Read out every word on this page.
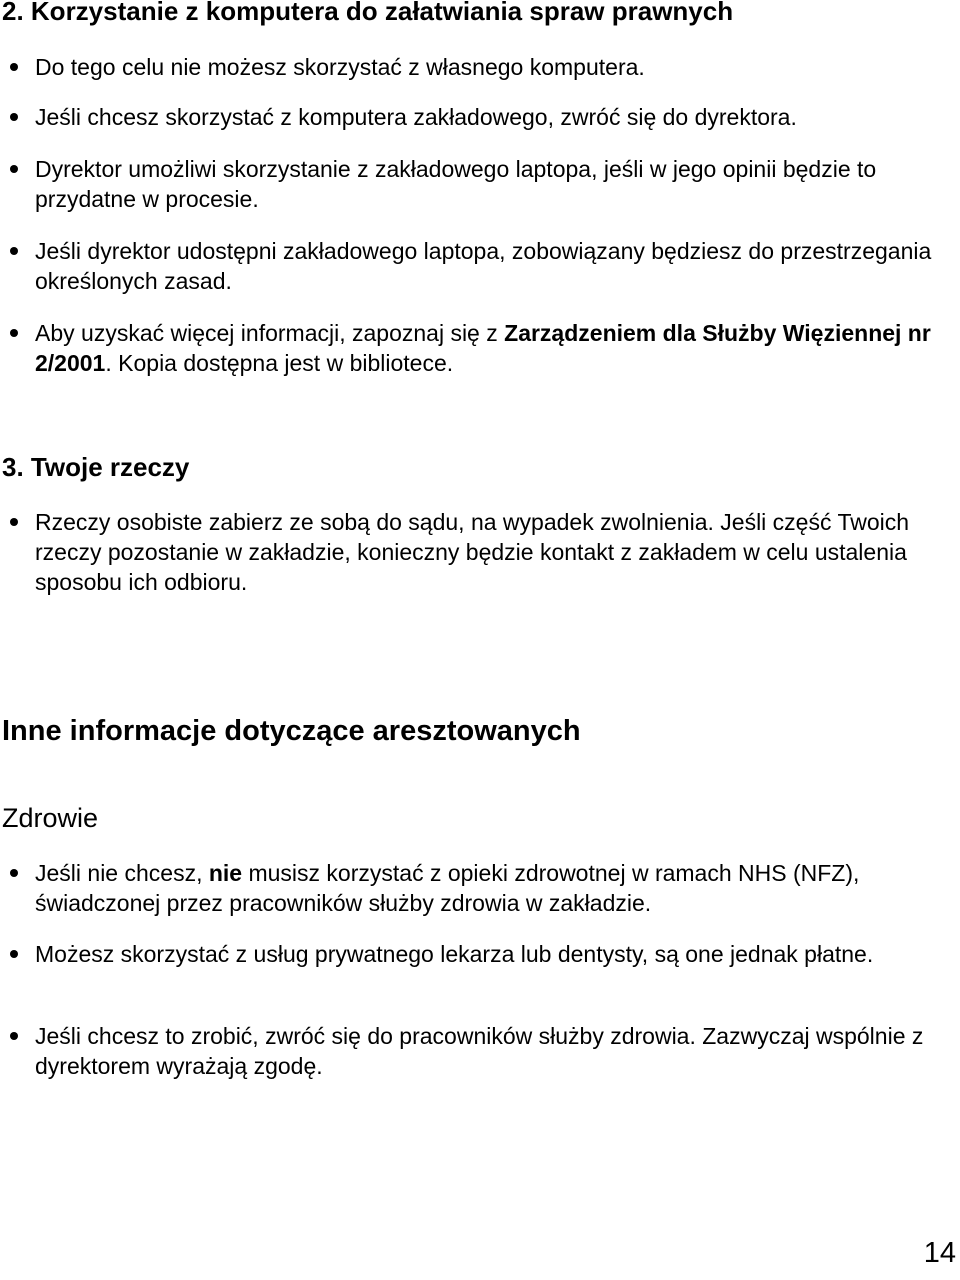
2. Korzystanie z komputera do załatwiania spraw prawnych
Do tego celu nie możesz skorzystać z własnego komputera.
Jeśli chcesz skorzystać z komputera zakładowego, zwróć się do dyrektora.
Dyrektor umożliwi skorzystanie z zakładowego laptopa, jeśli w jego opinii będzie to przydatne w procesie.
Jeśli dyrektor udostępni zakładowego laptopa, zobowiązany będziesz do przestrzegania określonych zasad.
Aby uzyskać więcej informacji, zapoznaj się z Zarządzeniem dla Służby Więziennej nr 2/2001. Kopia dostępna jest w bibliotece.
3. Twoje rzeczy
Rzeczy osobiste zabierz ze sobą do sądu, na wypadek zwolnienia. Jeśli część Twoich rzeczy pozostanie w zakładzie, konieczny będzie kontakt z zakładem w celu ustalenia sposobu ich odbioru.
Inne informacje dotyczące aresztowanych
Zdrowie
Jeśli nie chcesz, nie musisz korzystać z opieki zdrowotnej w ramach NHS (NFZ), świadczonej przez pracowników służby zdrowia w zakładzie.
Możesz skorzystać z usług prywatnego lekarza lub dentysty, są one jednak płatne.
Jeśli chcesz to zrobić, zwróć się do pracowników służby zdrowia. Zazwyczaj wspólnie z dyrektorem wyrażają zgodę.
14
